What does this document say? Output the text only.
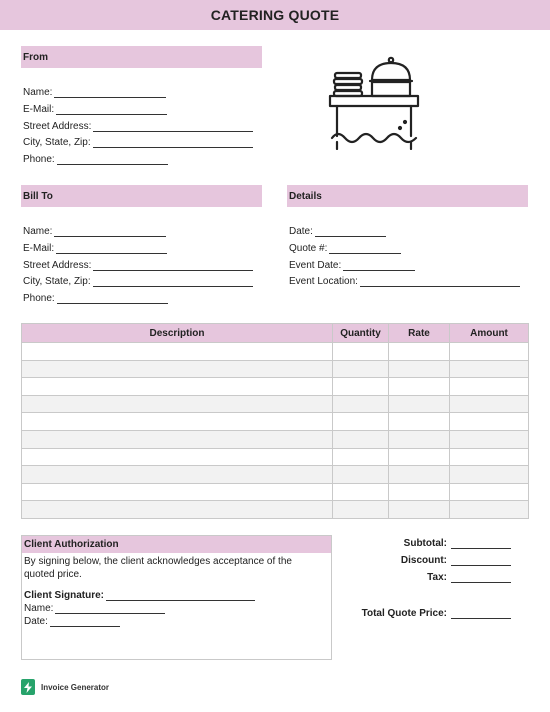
CATERING QUOTE
From
Name:
E-Mail:
Street Address:
City, State, Zip:
Phone:
Bill To
Name:
E-Mail:
Street Address:
City, State, Zip:
Phone:
Details
Date:
Quote #:
Event Date:
Event Location:
Description	Quantity	Rate	Amount

Client Authorization
By signing below, the client acknowledges acceptance of the quoted price.
Client Signature:
Name:
Date:
Subtotal:
Discount:
Tax:
Total Quote Price:
Invoice Generator
